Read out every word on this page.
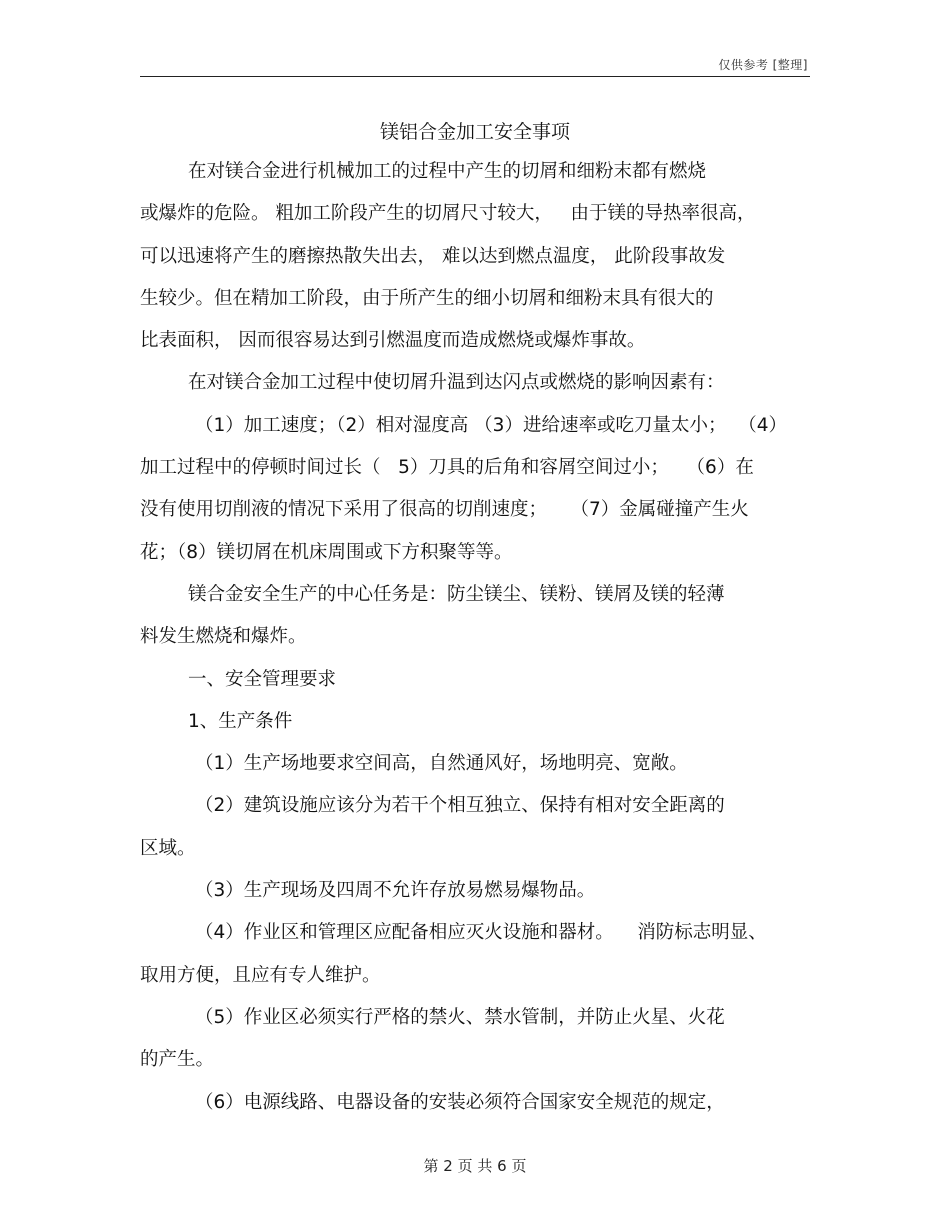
仅供参考 [整理]
镁铝合金加工安全事项
在对镁合金进行机械加工的过程中产生的切屑和细粉末都有燃烧
或爆炸的危险。 粗加工阶段产生的切屑尺寸较大，   由于镁的导热率很高，
可以迅速将产生的磨擦热散失出去， 难以达到燃点温度， 此阶段事故发
生较少。但在精加工阶段，由于所产生的细小切屑和细粉末具有很大的
比表面积， 因而很容易达到引燃温度而造成燃烧或爆炸事故。
在对镁合金加工过程中使切屑升温到达闪点或燃烧的影响因素有：
（1）加工速度；（2）相对湿度高 （3）进给速率或吃刀量太小；  （4）
加工过程中的停顿时间过长（   5）刀具的后角和容屑空间过小；   （6）在
没有使用切削液的情况下采用了很高的切削速度；    （7）金属碰撞产生火
花；（8）镁切屑在机床周围或下方积聚等等。
镁合金安全生产的中心任务是：防尘镁尘、镁粉、镁屑及镁的轻薄
料发生燃烧和爆炸。
一、安全管理要求
1、生产条件
（1）生产场地要求空间高，自然通风好，场地明亮、宽敞。
（2）建筑设施应该分为若干个相互独立、保持有相对安全距离的
区域。
（3）生产现场及四周不允许存放易燃易爆物品。
（4）作业区和管理区应配备相应灭火设施和器材。    消防标志明显、
取用方便，且应有专人维护。
（5）作业区必须实行严格的禁火、禁水管制，并防止火星、火花
的产生。
（6）电源线路、电器设备的安装必须符合国家安全规范的规定，
第 2 页 共 6 页
